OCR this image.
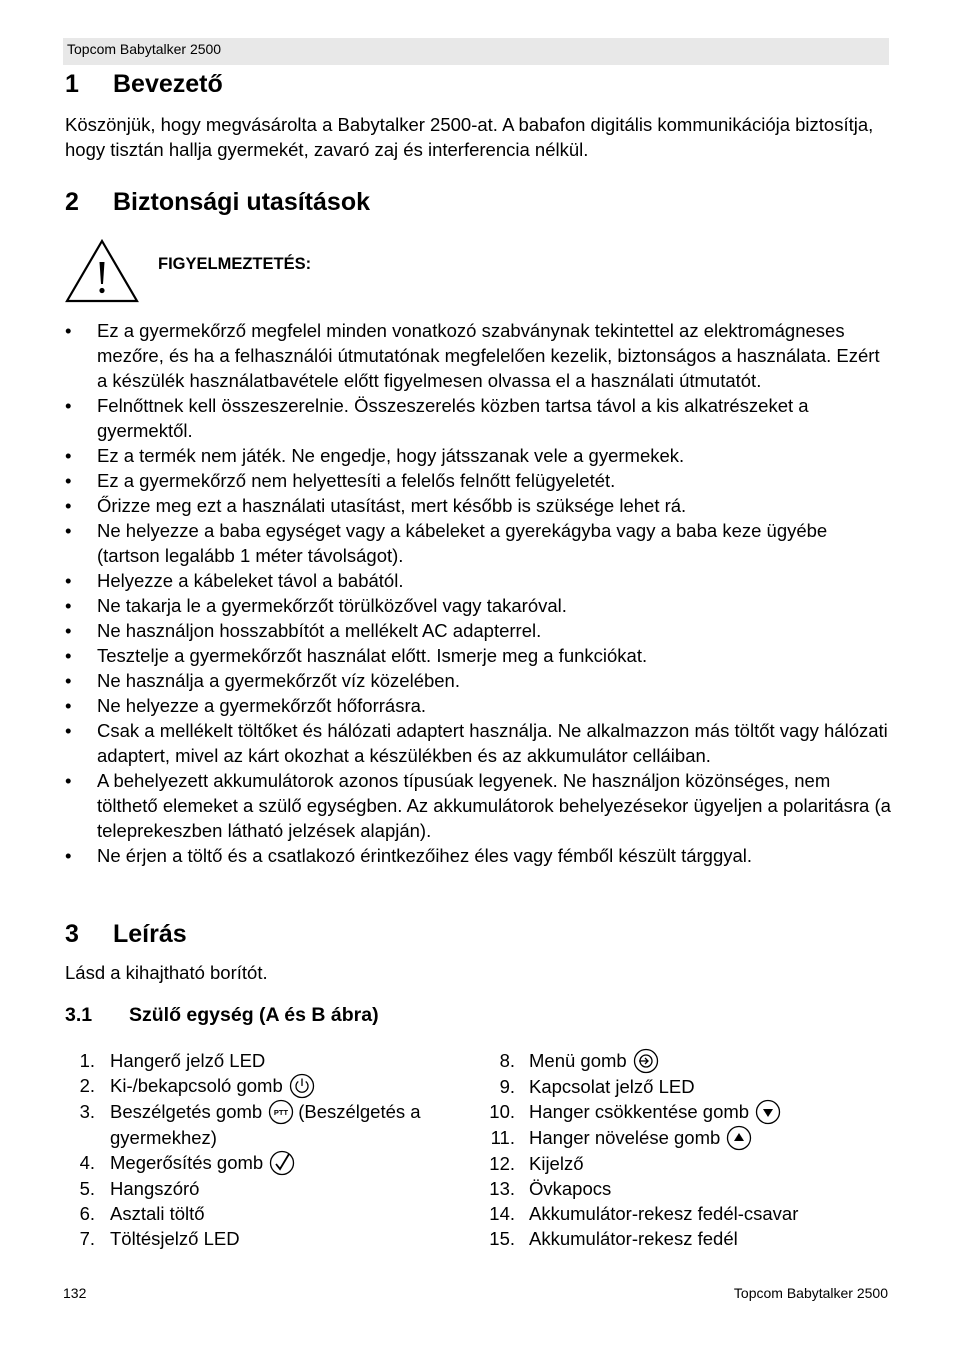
Topcom Babytalker 2500
1 Bevezető

Köszönjük, hogy megvásárolta a Babytalker 2500-at. A babafon digitális kommunikációja biztosítja, hogy tisztán hallja gyermekét, zavaró zaj és interferencia nélkül.

2 Biztonsági utasítások
FIGYELMEZTETÉS:
• Ez a gyermekőrző megfelel minden vonatkozó szabványnak tekintettel az elektromágneses mezőre, és ha a felhasználói útmutatónak megfelelően kezelik, biztonságos a használata. Ezért a készülék használatbavétele előtt figyelmesen olvassa el a használati útmutatót.
• Felnőttnek kell összeszerelnie. Összeszerelés közben tartsa távol a kis alkatrészeket a gyermektől.
• Ez a termék nem játék. Ne engedje, hogy játsszanak vele a gyermekek.
• Ez a gyermekőrző nem helyettesíti a felelős felnőtt felügyeletét.
• Őrizze meg ezt a használati utasítást, mert később is szüksége lehet rá.
• Ne helyezze a baba egységet vagy a kábeleket a gyerekágyba vagy a baba keze ügyébe (tartson legalább 1 méter távolságot).
• Helyezze a kábeleket távol a babától.
• Ne takarja le a gyermekőrzőt törülközővel vagy takaróval.
• Ne használjon hosszabbítót a mellékelt AC adapterrel.
• Tesztelje a gyermekőrzőt használat előtt. Ismerje meg a funkciókat.
• Ne használja a gyermekőrzőt víz közelében.
• Ne helyezze a gyermekőrzőt hőforrásra.
• Csak a mellékelt töltőket és hálózati adaptert használja. Ne alkalmazzon más töltőt vagy hálózati adaptert, mivel az kárt okozhat a készülékben és az akkumulátor celláiban.
• A behelyezett akkumulátorok azonos típusúak legyenek. Ne használjon közönséges, nem tölthető elemeket a szülő egységben. Az akkumulátorok behelyezésekor ügyeljen a polaritásra (a teleprekeszben látható jelzések alapján).
• Ne érjen a töltő és a csatlakozó érintkezőihez éles vagy fémből készült tárggyal.
3 Leírás

Lásd a kihajtható borítót.

3.1 Szülő egység (A és B ábra)
1. Hangerő jelző LED
2. Ki-/bekapcsoló gomb
3. Beszélgetés gomb PTT (Beszélgetés a gyermekhez)
4. Megerősítés gomb
5. Hangszóró
6. Asztali töltő
7. Töltésjelző LED
8. Menü gomb
9. Kapcsolat jelző LED
10. Hanger csökkentése gomb
11. Hanger növelése gomb
12. Kijelző
13. Övkapocs
14. Akkumulátor-rekesz fedél-csavar
15. Akkumulátor-rekesz fedél
132	Topcom Babytalker 2500
